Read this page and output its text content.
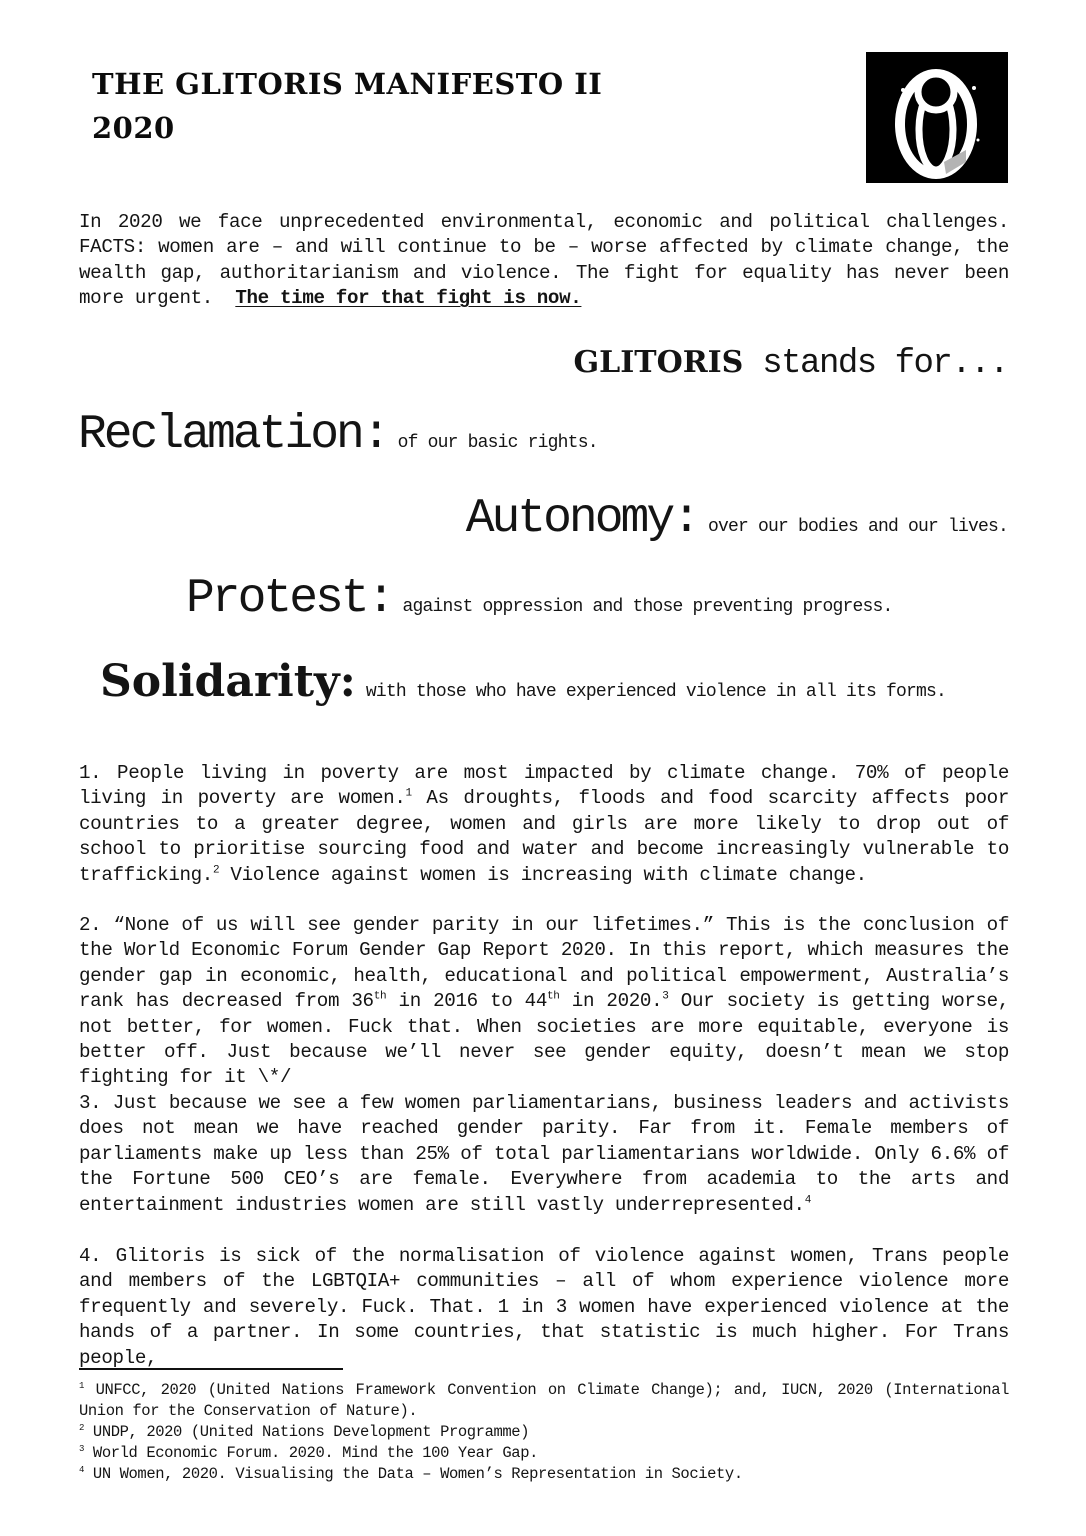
THE GLITORIS MANIFESTO II
2020

In 2020 we face unprecedented environmental, economic and political challenges. FACTS: women are – and will continue to be – worse affected by climate change, the wealth gap, authoritarianism and violence. The fight for equality has never been more urgent. The time for that fight is now.

GLITORIS stands for...
Reclamation: of our basic rights.
Autonomy: over our bodies and our lives.
Protest: against oppression and those preventing progress.
Solidarity: with those who have experienced violence in all its forms.

1. People living in poverty are most impacted by climate change. 70% of people living in poverty are women.$^1$ As droughts, floods and food scarcity affects poor countries to a greater degree, women and girls are more likely to drop out of school to prioritise sourcing food and water and become increasingly vulnerable to trafficking.$^2$ Violence against women is increasing with climate change.

2. “None of us will see gender parity in our lifetimes.” This is the conclusion of the World Economic Forum Gender Gap Report 2020. In this report, which measures the gender gap in economic, health, educational and political empowerment, Australia’s rank has decreased from 36th in 2016 to 44th in 2020.$^3$ Our society is getting worse, not better, for women. Fuck that. When societies are more equitable, everyone is better off. Just because we’ll never see gender equity, doesn’t mean we stop fighting for it \*/

3. Just because we see a few women parliamentarians, business leaders and activists does not mean we have reached gender parity. Far from it. Female members of parliaments make up less than 25% of total parliamentarians worldwide. Only 6.6% of the Fortune 500 CEO’s are female. Everywhere from academia to the arts and entertainment industries women are still vastly underrepresented.$^4$

4. Glitoris is sick of the normalisation of violence against women, Trans people and members of the LGBTQIA+ communities – all of whom experience violence more frequently and severely. Fuck. That. 1 in 3 women have experienced violence at the hands of a partner. In some countries, that statistic is much higher. For Trans people,

$^1$ UNFCC, 2020 (United Nations Framework Convention on Climate Change); and, IUCN, 2020 (International Union for the Conservation of Nature).

$^2$ UNDP, 2020 (United Nations Development Programme)

$^3$ World Economic Forum. 2020. Mind the 100 Year Gap.

$^4$ UN Women, 2020. Visualising the Data – Women’s Representation in Society.
